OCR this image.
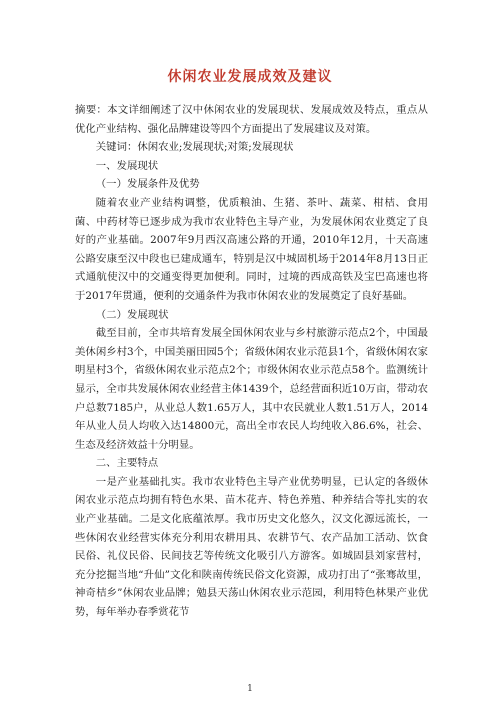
休闲农业发展成效及建议

摘要：本文详细阐述了汉中休闲农业的发展现状、发展成效及特点，重点从优化产业结构、强化品牌建设等四个方面提出了发展建议及对策。

关键词：休闲农业;发展现状;对策;发展现状

一、发展现状

（一）发展条件及优势

随着农业产业结构调整，优质粮油、生猪、茶叶、蔬菜、柑桔、食用菌、中药材等已逐步成为我市农业特色主导产业，为发展休闲农业奠定了良好的产业基础。2007年9月西汉高速公路的开通，2010年12月，十天高速公路安康至汉中段也已建成通车，特别是汉中城固机场于2014年8月13日正式通航使汉中的交通变得更加便利。同时，过境的西成高铁及宝巴高速也将于2017年贯通，便利的交通条件为我市休闲农业的发展奠定了良好基础。

（二）发展现状

截至目前，全市共培育发展全国休闲农业与乡村旅游示范点2个，中国最美休闲乡村3个，中国美丽田园5个；省级休闲农业示范县1个，省级休闲农家明星村3个，省级休闲农业示范点2个；市级休闲农业示范点58个。监测统计显示，全市共发展休闲农业经营主体1439个，总经营面积近10万亩，带动农户总数7185户，从业总人数1.65万人，其中农民就业人数1.51万人，2014年从业人员人均收入达14800元，高出全市农民人均纯收入86.6%，社会、生态及经济效益十分明显。

二、主要特点

一是产业基础扎实。我市农业特色主导产业优势明显，已认定的各级休闲农业示范点均拥有特色水果、苗木花卉、特色养殖、种养结合等扎实的农业产业基础。二是文化底蕴浓厚。我市历史文化悠久，汉文化源远流长，一些休闲农业经营实体充分利用农耕用具、农耕节气、农产品加工活动、饮食民俗、礼仪民俗、民间技艺等传统文化吸引八方游客。如城固县刘家营村，充分挖掘当地“升仙”文化和陕南传统民俗文化资源，成功打出了“张骞故里，神奇桔乡”休闲农业品牌；勉县天荡山休闲农业示范园，利用特色林果产业优势，每年举办春季赏花节

1
